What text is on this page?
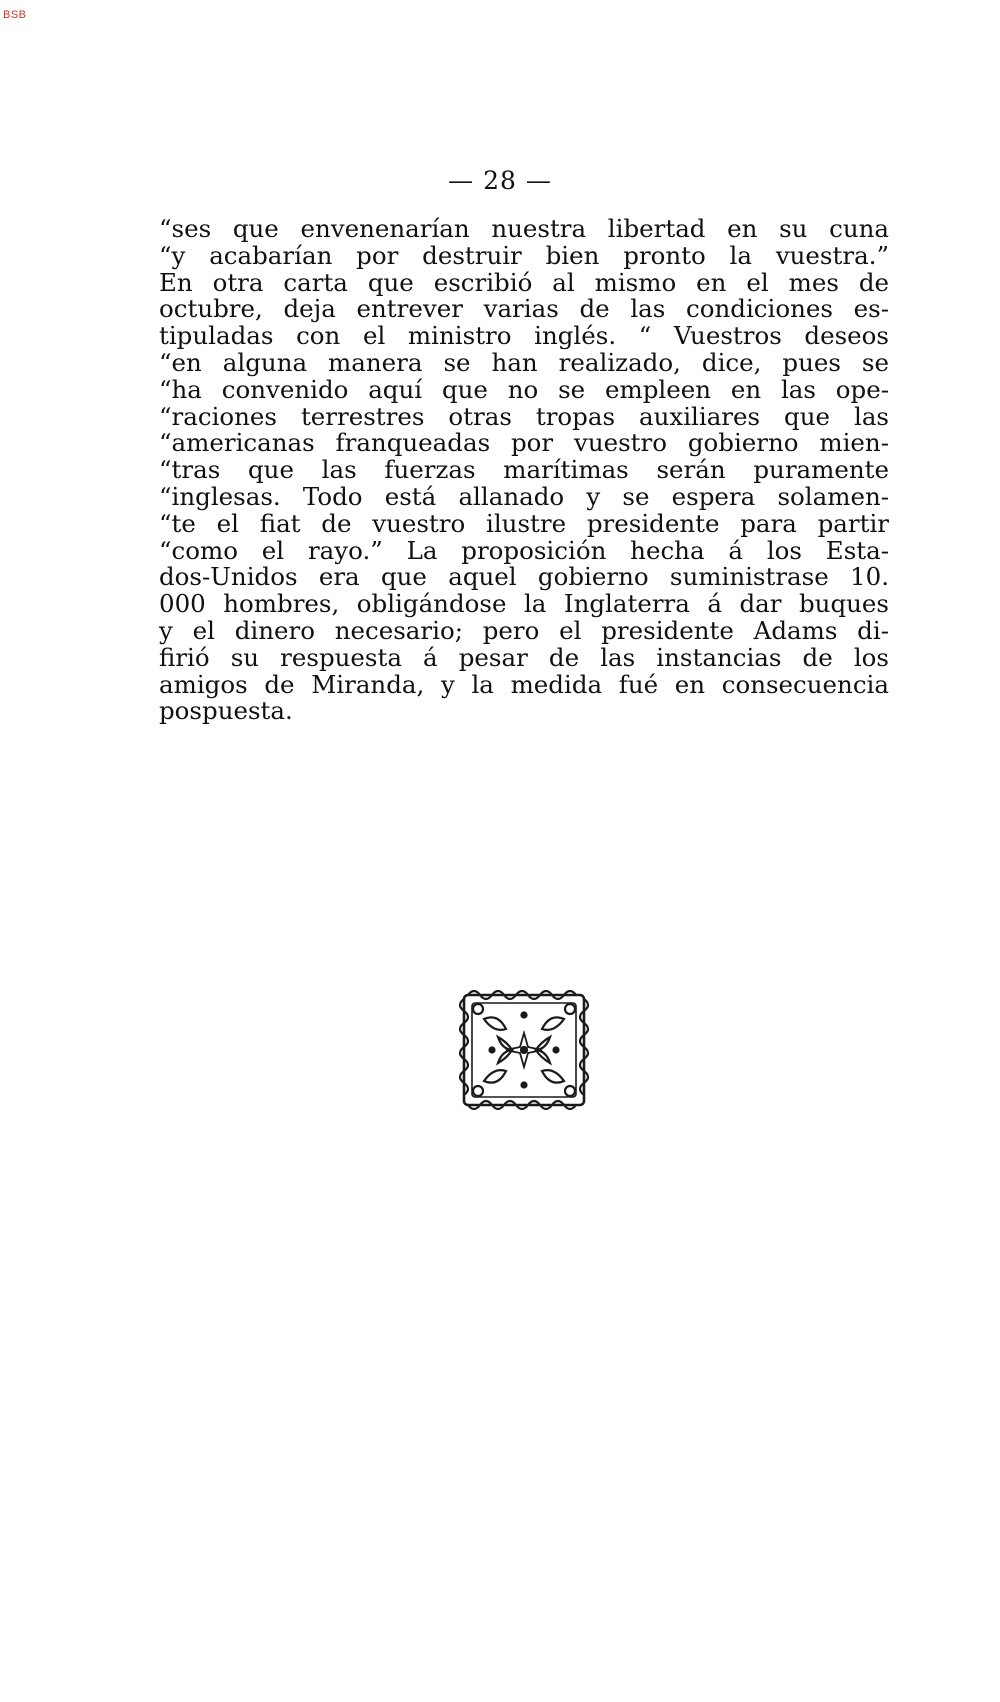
BSB
— 28 —
“ses que envenenarían nuestra libertad en su cuna
“y acabarían por destruir bien pronto la vuestra.”
En otra carta que escribió al mismo en el mes de
octubre, deja entrever varias de las condiciones es-
tipuladas con el ministro inglés. “ Vuestros deseos
“en alguna manera se han realizado, dice, pues se
“ha convenido aquí que no se empleen en las ope-
“raciones terrestres otras tropas auxiliares que las
“americanas franqueadas por vuestro gobierno mien-
“tras que las fuerzas marítimas serán puramente
“inglesas. Todo está allanado y se espera solamen-
“te el fiat de vuestro ilustre presidente para partir
“como el rayo.” La proposición hecha á los Esta-
dos-Unidos era que aquel gobierno suministrase 10.
000 hombres, obligándose la Inglaterra á dar buques
y el dinero necesario; pero el presidente Adams di-
firió su respuesta á pesar de las instancias de los
amigos de Miranda, y la medida fué en consecuencia
pospuesta.
